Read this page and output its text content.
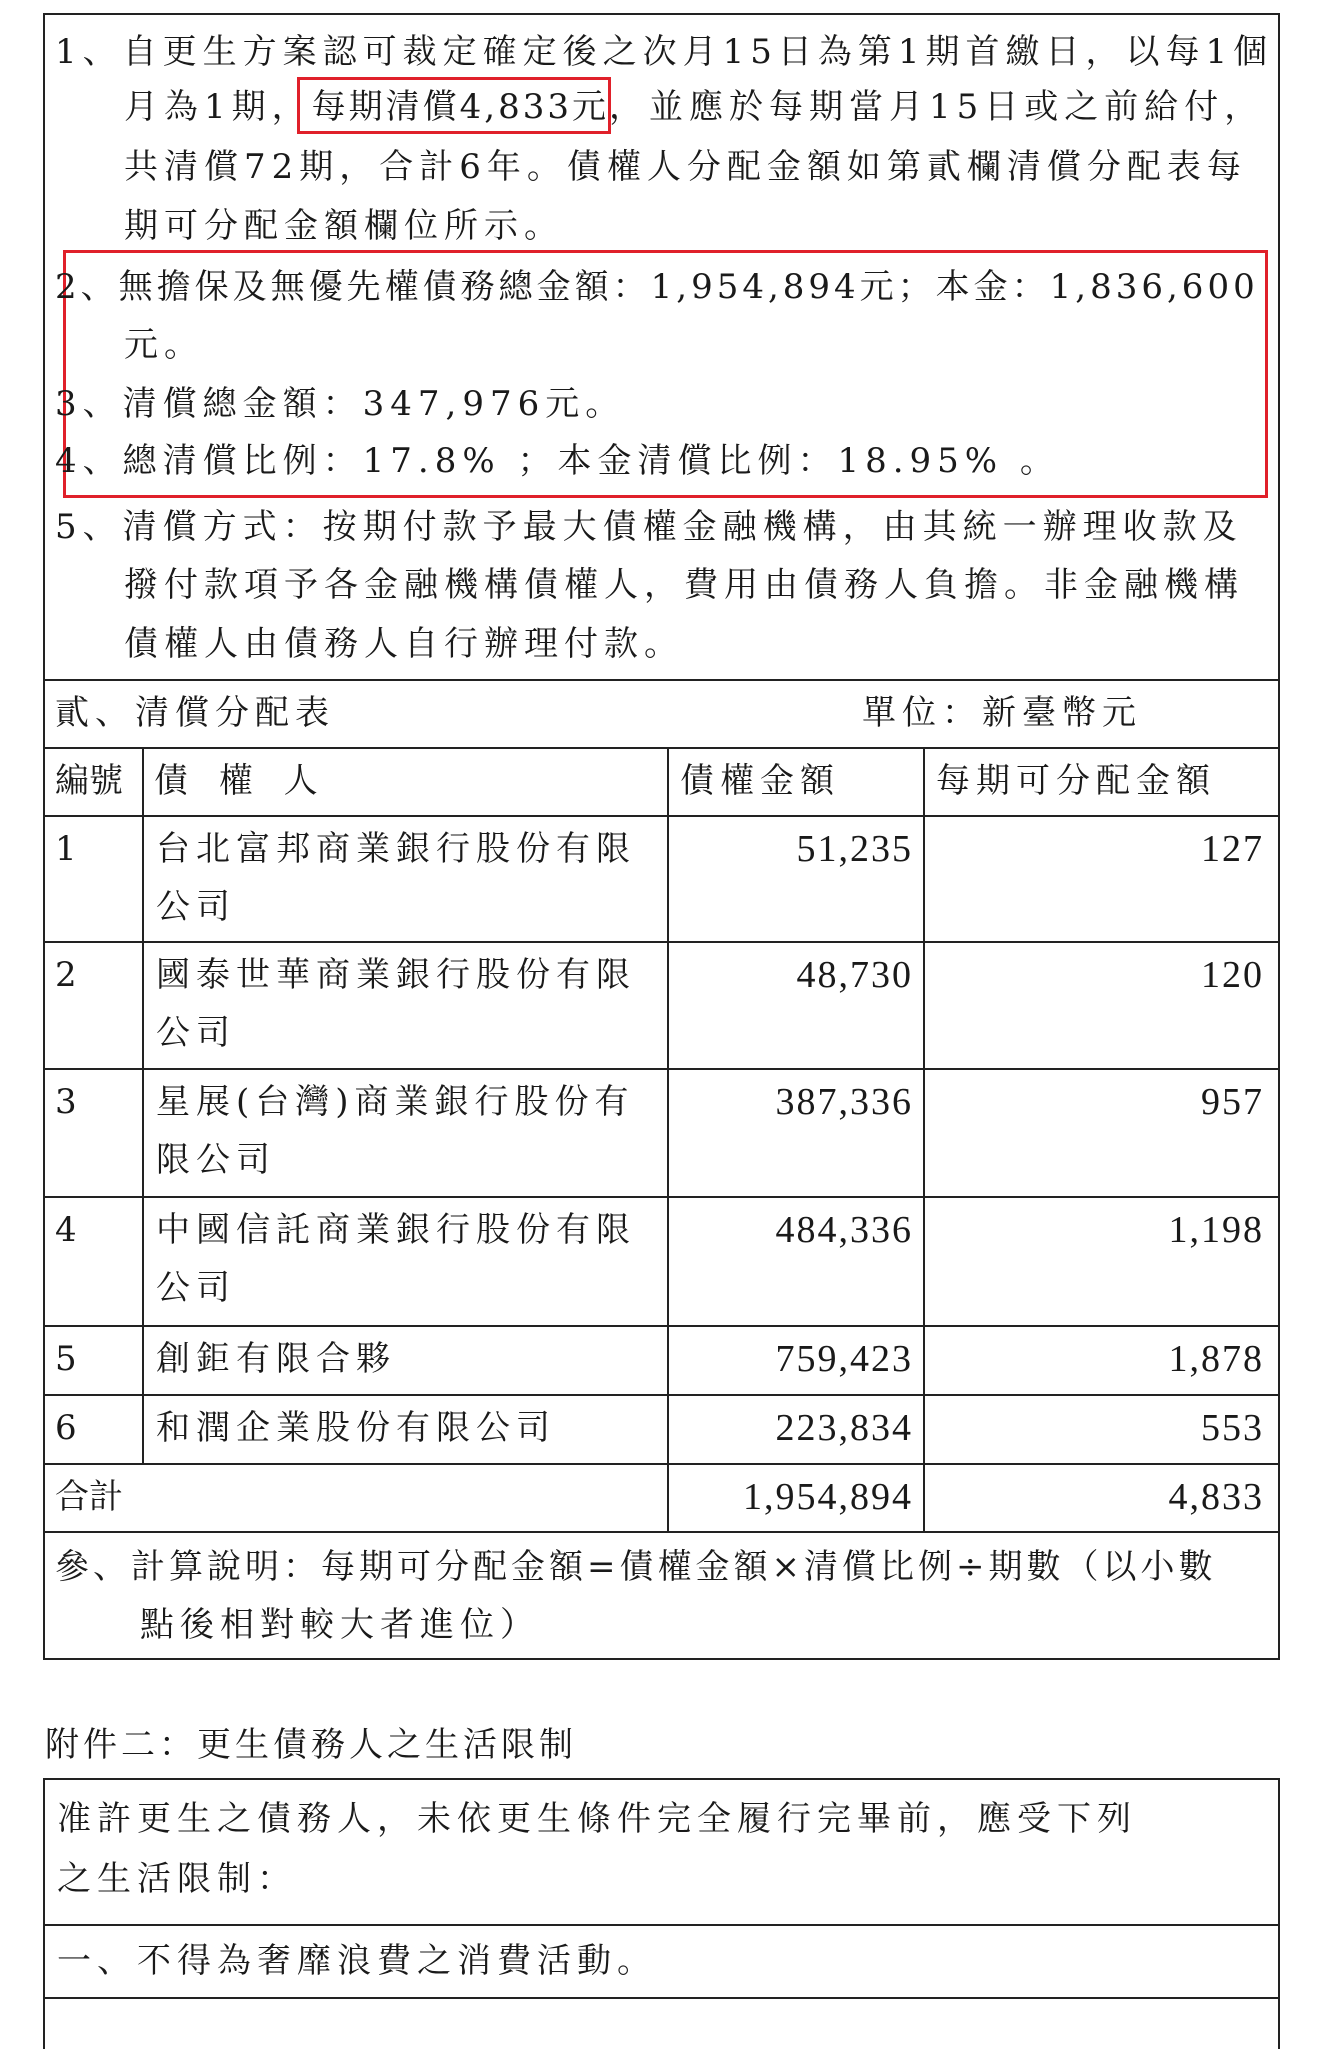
1、自更生方案認可裁定確定後之次月15日為第1期首繳日，以每1個
月為1期，每期清償4,833元，並應於每期當月15日或之前給付，
共清償72期，合計6年。債權人分配金額如第貳欄清償分配表每
期可分配金額欄位所示。
2、無擔保及無優先權債務總金額：1,954,894元；本金：1,836,600
元。
3、清償總金額：347,976元。
4、總清償比例：17.8% ；本金清償比例：18.95% 。
5、清償方式：按期付款予最大債權金融機構，由其統一辦理收款及
撥付款項予各金融機構債權人，費用由債務人負擔。非金融機構
債權人由債務人自行辦理付款。
貳、清償分配表	單位：新臺幣元
編號 債 權 人	債權金額	每期可分配金額
1 台北富邦商業銀行股份有限
公司
51,235	127
2 國泰世華商業銀行股份有限
公司
48,730	120
3 星展(台灣)商業銀行股份有
限公司
387,336	957
4 中國信託商業銀行股份有限
公司
484,336	1,198
5 創鉅有限合夥	759,423	1,878
6 和潤企業股份有限公司	223,834	553
合計	1,954,894	4,833
參、計算說明：每期可分配金額=債權金額×清償比例÷期數（以小數
點後相對較大者進位）
附件二：更生債務人之生活限制
准許更生之債務人，未依更生條件完全履行完畢前，應受下列
之生活限制：
一、不得為奢靡浪費之消費活動。
